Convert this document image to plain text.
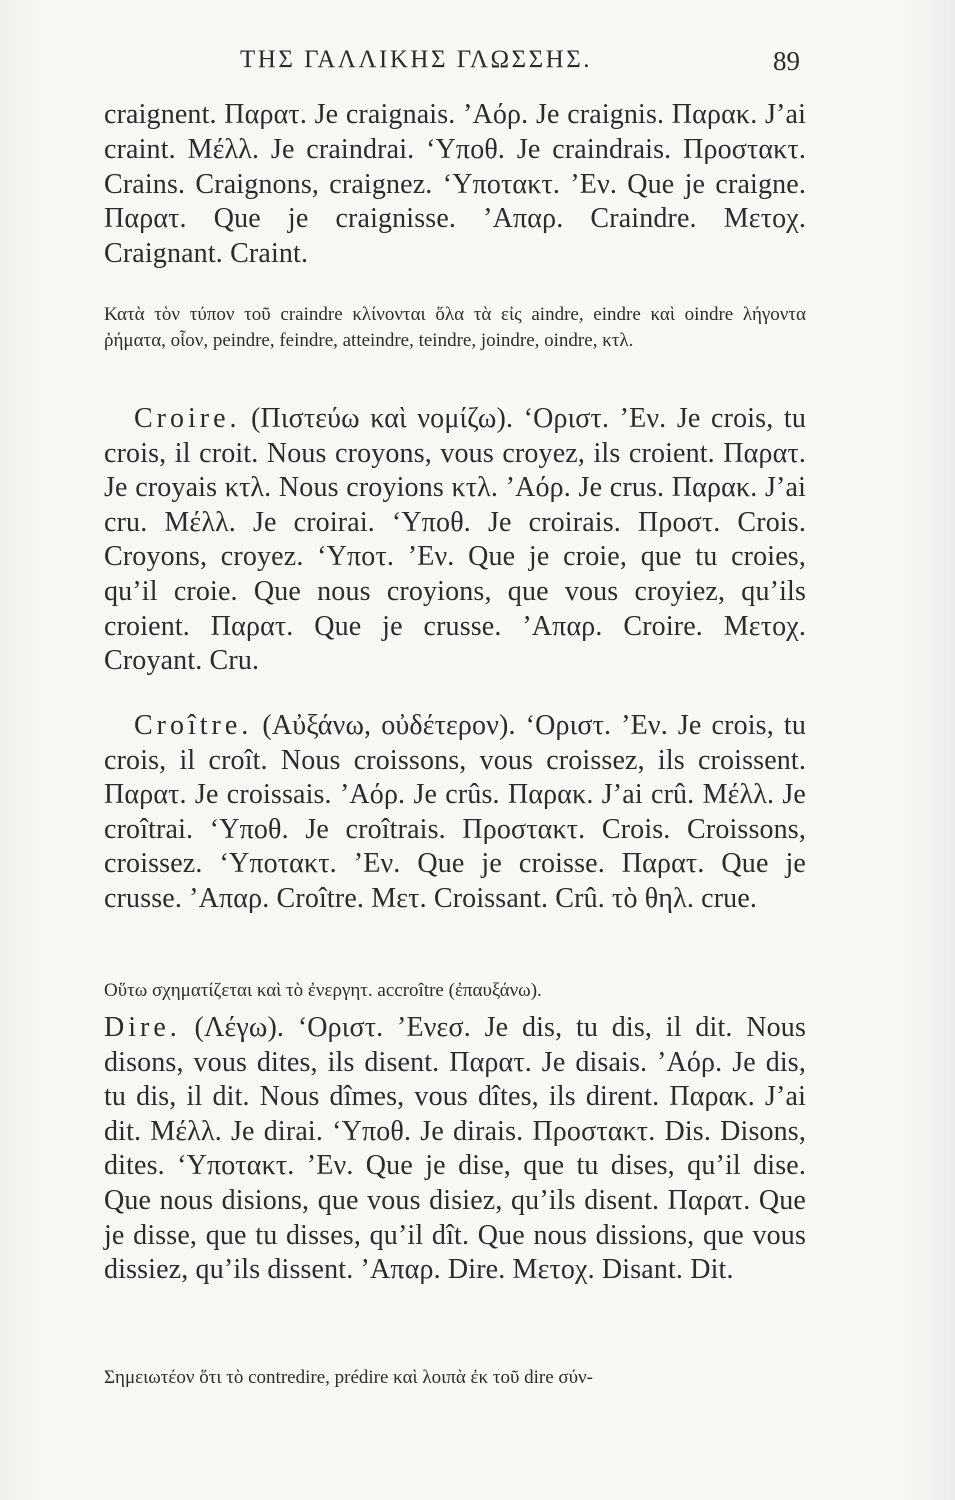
ΤΗΣ ΓΑΛΛΙΚΗΣ ΓΛΩΣΣΗΣ.	89

craignent. Παρατ. Je craignais. ’Αόρ. Je craignis. Παρακ. J’ai craint. Μέλλ. Je craindrai. ‘Υποθ. Je craindrais. Προστακτ. Crains. Craignons, craignez. ‘Υποτακτ. ’Εν. Que je craigne. Παρατ. Que je craignisse. ’Απαρ. Craindre. Μετοχ. Craignant. Craint.

Κατὰ τὸν τύπον τοῦ craindre κλίνονται ὅλα τὰ εἰς aindre, eindre καὶ oindre λήγοντα ῥήματα, οἷον, peindre, feindre, atteindre, teindre, joindre, oindre, κτλ.

Croire. (Πιστεύω καὶ νομίζω). ‘Οριστ. ’Εν. Je crois, tu crois, il croit. Nous croyons, vous croyez, ils croient. Παρατ. Je croyais κτλ. Nous croyions κτλ. ’Αόρ. Je crus. Παρακ. J’ai cru. Μέλλ. Je croirai. ‘Υποθ. Je croirais. Προστ. Crois. Croyons, croyez. ‘Υποτ. ’Εν. Que je croie, que tu croies, qu’il croie. Que nous croyions, que vous croyiez, qu’ils croient. Παρατ. Que je crusse. ’Απαρ. Croire. Μετοχ. Croyant. Cru.

Croître. (Αὐξάνω, οὐδέτερον). ‘Οριστ. ’Εν. Je crois, tu crois, il croît. Nous croissons, vous croissez, ils croissent. Παρατ. Je croissais. ’Αόρ. Je crûs. Παρακ. J’ai crû. Μέλλ. Je croîtrai. ‘Υποθ. Je croîtrais. Προστακτ. Crois. Croissons, croissez. ‘Υποτακτ. ’Εν. Que je croisse. Παρατ. Que je crusse. ’Απαρ. Croître. Μετ. Croissant. Crû. τὸ θηλ. crue.

Οὕτω σχηματίζεται καὶ τὸ ἐνεργητ. accroître (ἐπαυξάνω).

Dire. (Λέγω). ‘Οριστ. ’Ενεσ. Je dis, tu dis, il dit. Nous disons, vous dites, ils disent. Παρατ. Je disais. ’Αόρ. Je dis, tu dis, il dit. Nous dîmes, vous dîtes, ils dirent. Παρακ. J’ai dit. Μέλλ. Je dirai. ‘Υποθ. Je dirais. Προστακτ. Dis. Disons, dites. ‘Υποτακτ. ’Εν. Que je dise, que tu dises, qu’il dise. Que nous disions, que vous disiez, qu’ils disent. Παρατ. Que je disse, que tu disses, qu’il dît. Que nous dissions, que vous dissiez, qu’ils dissent. ’Απαρ. Dire. Μετοχ. Disant. Dit.

Σημειωτέον ὅτι τὸ contredire, prédire καὶ λοιπὰ ἐκ τοῦ dire σύν-
